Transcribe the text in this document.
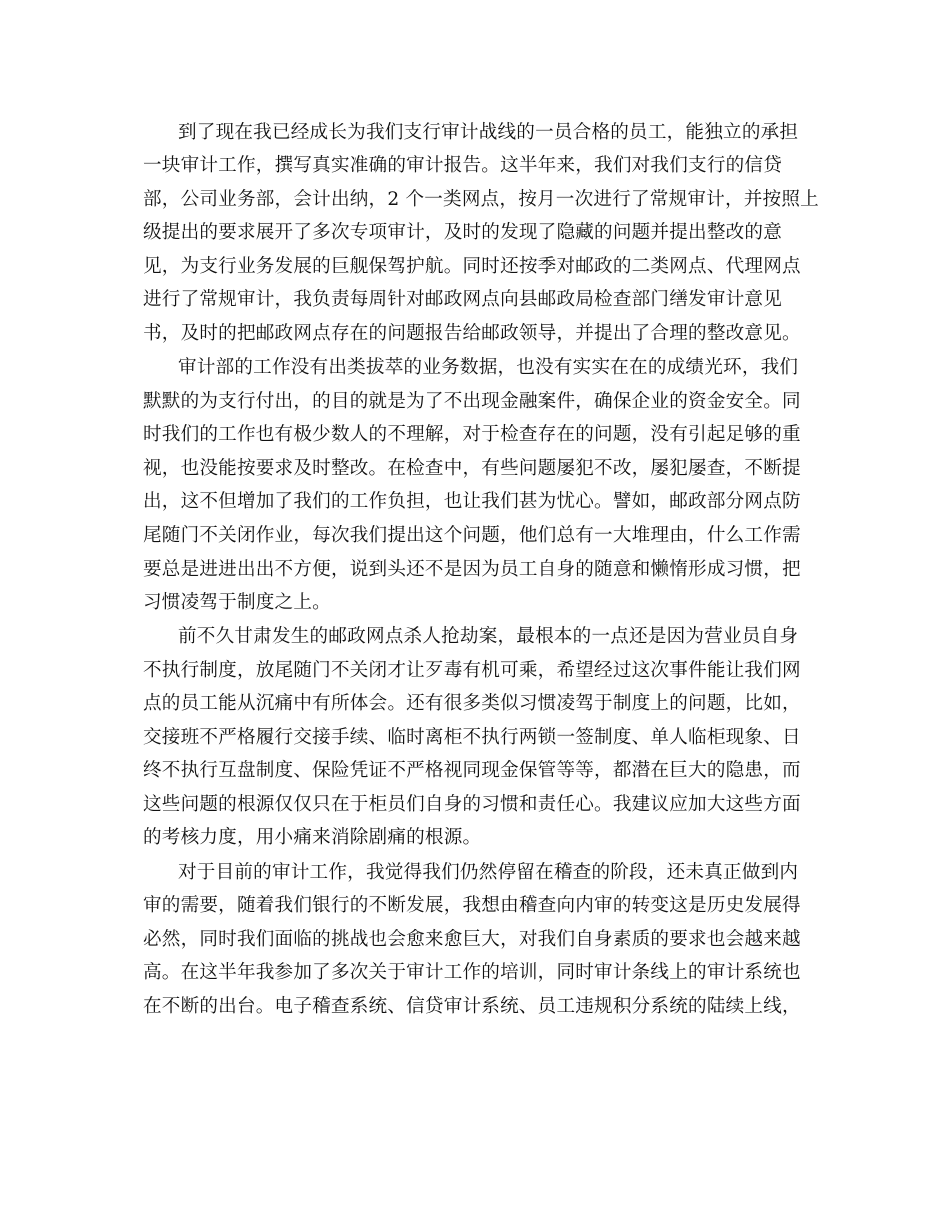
到了现在我已经成长为我们支行审计战线的一员合格的员工，能独立的承担
一块审计工作，撰写真实准确的审计报告。这半年来，我们对我们支行的信贷
部，公司业务部，会计出纳，2 个一类网点，按月一次进行了常规审计，并按照上
级提出的要求展开了多次专项审计，及时的发现了隐藏的问题并提出整改的意
见，为支行业务发展的巨舰保驾护航。同时还按季对邮政的二类网点、代理网点
进行了常规审计，我负责每周针对邮政网点向县邮政局检查部门缮发审计意见
书，及时的把邮政网点存在的问题报告给邮政领导，并提出了合理的整改意见。
审计部的工作没有出类拔萃的业务数据，也没有实实在在的成绩光环，我们
默默的为支行付出，的目的就是为了不出现金融案件，确保企业的资金安全。同
时我们的工作也有极少数人的不理解，对于检查存在的问题，没有引起足够的重
视，也没能按要求及时整改。在检查中，有些问题屡犯不改，屡犯屡查，不断提
出，这不但增加了我们的工作负担，也让我们甚为忧心。譬如，邮政部分网点防
尾随门不关闭作业，每次我们提出这个问题，他们总有一大堆理由，什么工作需
要总是进进出出不方便，说到头还不是因为员工自身的随意和懒惰形成习惯，把
习惯凌驾于制度之上。
前不久甘肃发生的邮政网点杀人抢劫案，最根本的一点还是因为营业员自身
不执行制度，放尾随门不关闭才让歹毒有机可乘，希望经过这次事件能让我们网
点的员工能从沉痛中有所体会。还有很多类似习惯凌驾于制度上的问题，比如，
交接班不严格履行交接手续、临时离柜不执行两锁一签制度、单人临柜现象、日
终不执行互盘制度、保险凭证不严格视同现金保管等等，都潜在巨大的隐患，而
这些问题的根源仅仅只在于柜员们自身的习惯和责任心。我建议应加大这些方面
的考核力度，用小痛来消除剧痛的根源。
对于目前的审计工作，我觉得我们仍然停留在稽查的阶段，还未真正做到内
审的需要，随着我们银行的不断发展，我想由稽查向内审的转变这是历史发展得
必然，同时我们面临的挑战也会愈来愈巨大，对我们自身素质的要求也会越来越
高。在这半年我参加了多次关于审计工作的培训，同时审计条线上的审计系统也
在不断的出台。电子稽查系统、信贷审计系统、员工违规积分系统的陆续上线，
